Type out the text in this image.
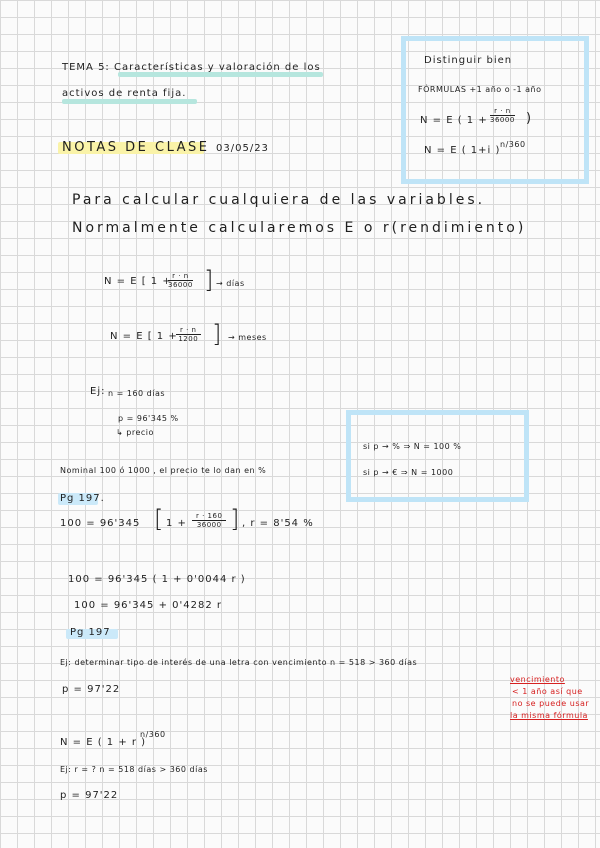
TEMA 5: Características y valoración de los
activos de renta fija.
NOTAS DE CLASE 03/05/23
Distinguir bien
FÓRMULAS +1 año o -1 año
N = E ( $1 + \frac{r \cdot n}{36000}$ )
N = E ( 1+i )
n/360
Para calcular cualquiera de las variables.
Normalmente calcularemos E o r(rendimiento)
N = E [ 1 +
$\frac{r \cdot n}{36000}$ ] → días
N = E [ 1 +
$\frac{r \cdot n}{1200}$ ] → meses
Ej: n = 160 días
p = 96'345 %
↳ precio
si p → % ⇒ N = 100 %
si p → € ⇒ N = 1000
Nominal 100 ó 1000 , el precio te lo dan en %
Pg 197.
100 = 96'345 [ $1 + \frac{r \cdot 160}{36000}$ ] , r = 8'54 %
100 = 96'345 ( 1 + 0'0044 r )
100 = 96'345 + 0'4282 r
Pg 197
Ej: determinar tipo de interés de una letra con vencimiento n = 518 > 360 días
p = 97'22
vencimiento
< 1 año así que
no se puede usar
la misma fórmula
N = E ( 1 + r )
n/360
Ej: r = ? n = 518 días > 360 días
p = 97'22
